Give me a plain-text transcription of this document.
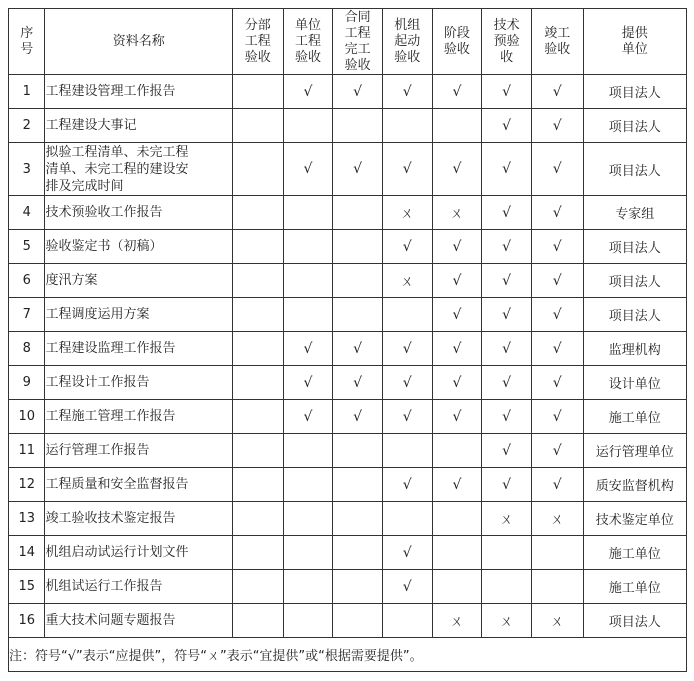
序
号	资料名称	分部
工程
验收	单位
工程
验收	合同
工程
完工
验收	机组
起动
验收	阶段
验收	技术
预验
收	竣工
验收	提供
单位
1	工程建设管理工作报告		√	√	√	√	√	√	项目法人
2	工程建设大事记						√	√	项目法人
3	拟验工程清单、未完工程
清单、未完工程的建设安
排及完成时间		√	√	√	√	√	√	项目法人
4	技术预验收工作报告				ㄨ	ㄨ	√	√	专家组
5	验收鉴定书（初稿）				√	√	√	√	项目法人
6	度汛方案				ㄨ	√	√	√	项目法人
7	工程调度运用方案					√	√	√	项目法人
8	工程建设监理工作报告		√	√	√	√	√	√	监理机构
9	工程设计工作报告		√	√	√	√	√	√	设计单位
10	工程施工管理工作报告		√	√	√	√	√	√	施工单位
11	运行管理工作报告						√	√	运行管理单位
12	工程质量和安全监督报告				√	√	√	√	质安监督机构
13	竣工验收技术鉴定报告						ㄨ	ㄨ	技术鉴定单位
14	机组启动试运行计划文件				√				施工单位
15	机组试运行工作报告				√				施工单位
16	重大技术问题专题报告					ㄨ	ㄨ	ㄨ	项目法人
注：符号“√”表示“应提供”，符号“ㄨ”表示“宜提供”或“根据需要提供”。									
